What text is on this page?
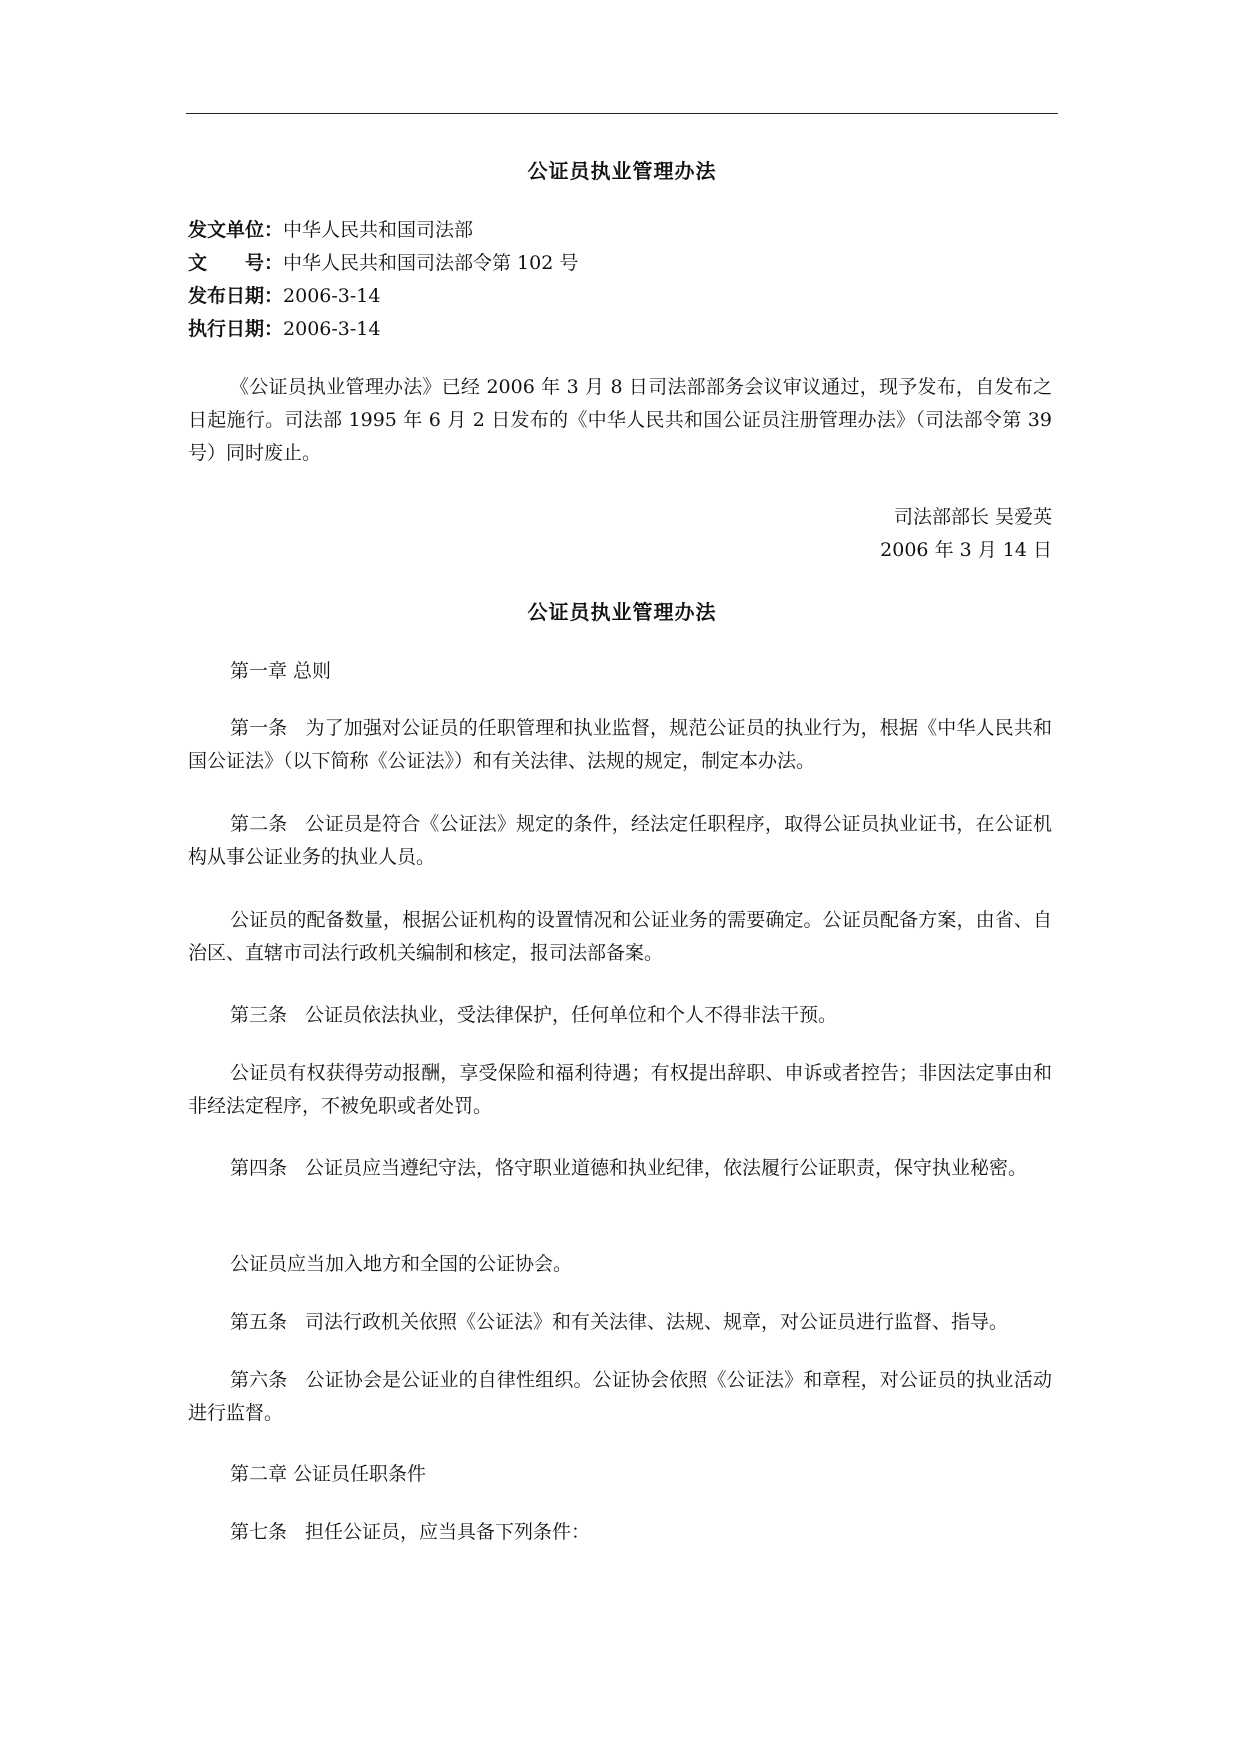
公证员执业管理办法
发文单位：中华人民共和国司法部
文　　号：中华人民共和国司法部令第 102 号
发布日期：2006-3-14
执行日期：2006-3-14
《公证员执业管理办法》已经 2006 年 3 月 8 日司法部部务会议审议通过，现予发布，自发布之日起施行。司法部 1995 年 6 月 2 日发布的《中华人民共和国公证员注册管理办法》（司法部令第 39 号）同时废止。
司法部部长 吴爱英
2006 年 3 月 14 日
公证员执业管理办法
第一章 总则
第一条 为了加强对公证员的任职管理和执业监督，规范公证员的执业行为，根据《中华人民共和国公证法》（以下简称《公证法》）和有关法律、法规的规定，制定本办法。
第二条 公证员是符合《公证法》规定的条件，经法定任职程序，取得公证员执业证书，在公证机构从事公证业务的执业人员。
公证员的配备数量，根据公证机构的设置情况和公证业务的需要确定。公证员配备方案，由省、自治区、直辖市司法行政机关编制和核定，报司法部备案。
第三条 公证员依法执业，受法律保护，任何单位和个人不得非法干预。
公证员有权获得劳动报酬，享受保险和福利待遇；有权提出辞职、申诉或者控告；非因法定事由和非经法定程序，不被免职或者处罚。
第四条 公证员应当遵纪守法，恪守职业道德和执业纪律，依法履行公证职责，保守执业秘密。
公证员应当加入地方和全国的公证协会。
第五条 司法行政机关依照《公证法》和有关法律、法规、规章，对公证员进行监督、指导。
第六条 公证协会是公证业的自律性组织。公证协会依照《公证法》和章程，对公证员的执业活动进行监督。
第二章 公证员任职条件
第七条 担任公证员，应当具备下列条件：
